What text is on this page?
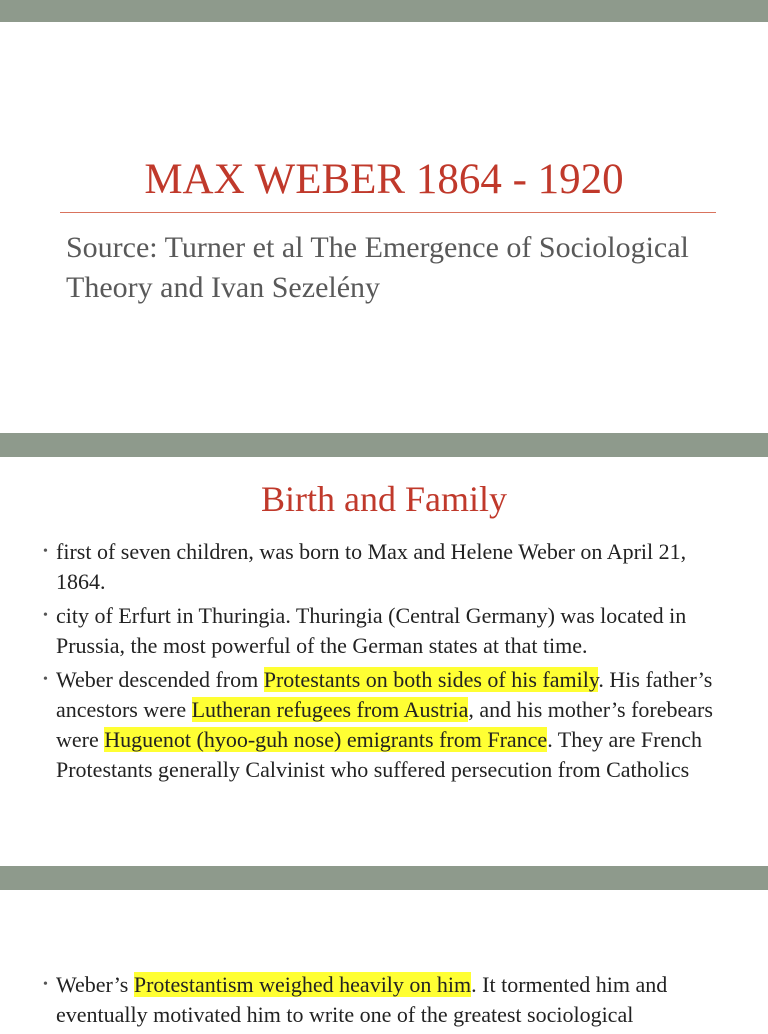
MAX WEBER 1864 - 1920

Source: Turner et al The Emergence of Sociological Theory and Ivan Sezelény

Birth and Family
• first of seven children, was born to Max and Helene Weber on April 21, 1864.
• city of Erfurt in Thuringia. Thuringia (Central Germany) was located in Prussia, the most powerful of the German states at that time.
• Weber descended from Protestants on both sides of his family. His father’s ancestors were Lutheran refugees from Austria, and his mother’s forebears were Huguenot (hyoo-guh nose) emigrants from France. They are French Protestants generally Calvinist who suffered persecution from Catholics
• Weber’s Protestantism weighed heavily on him. It tormented him and eventually motivated him to write one of the greatest sociological
